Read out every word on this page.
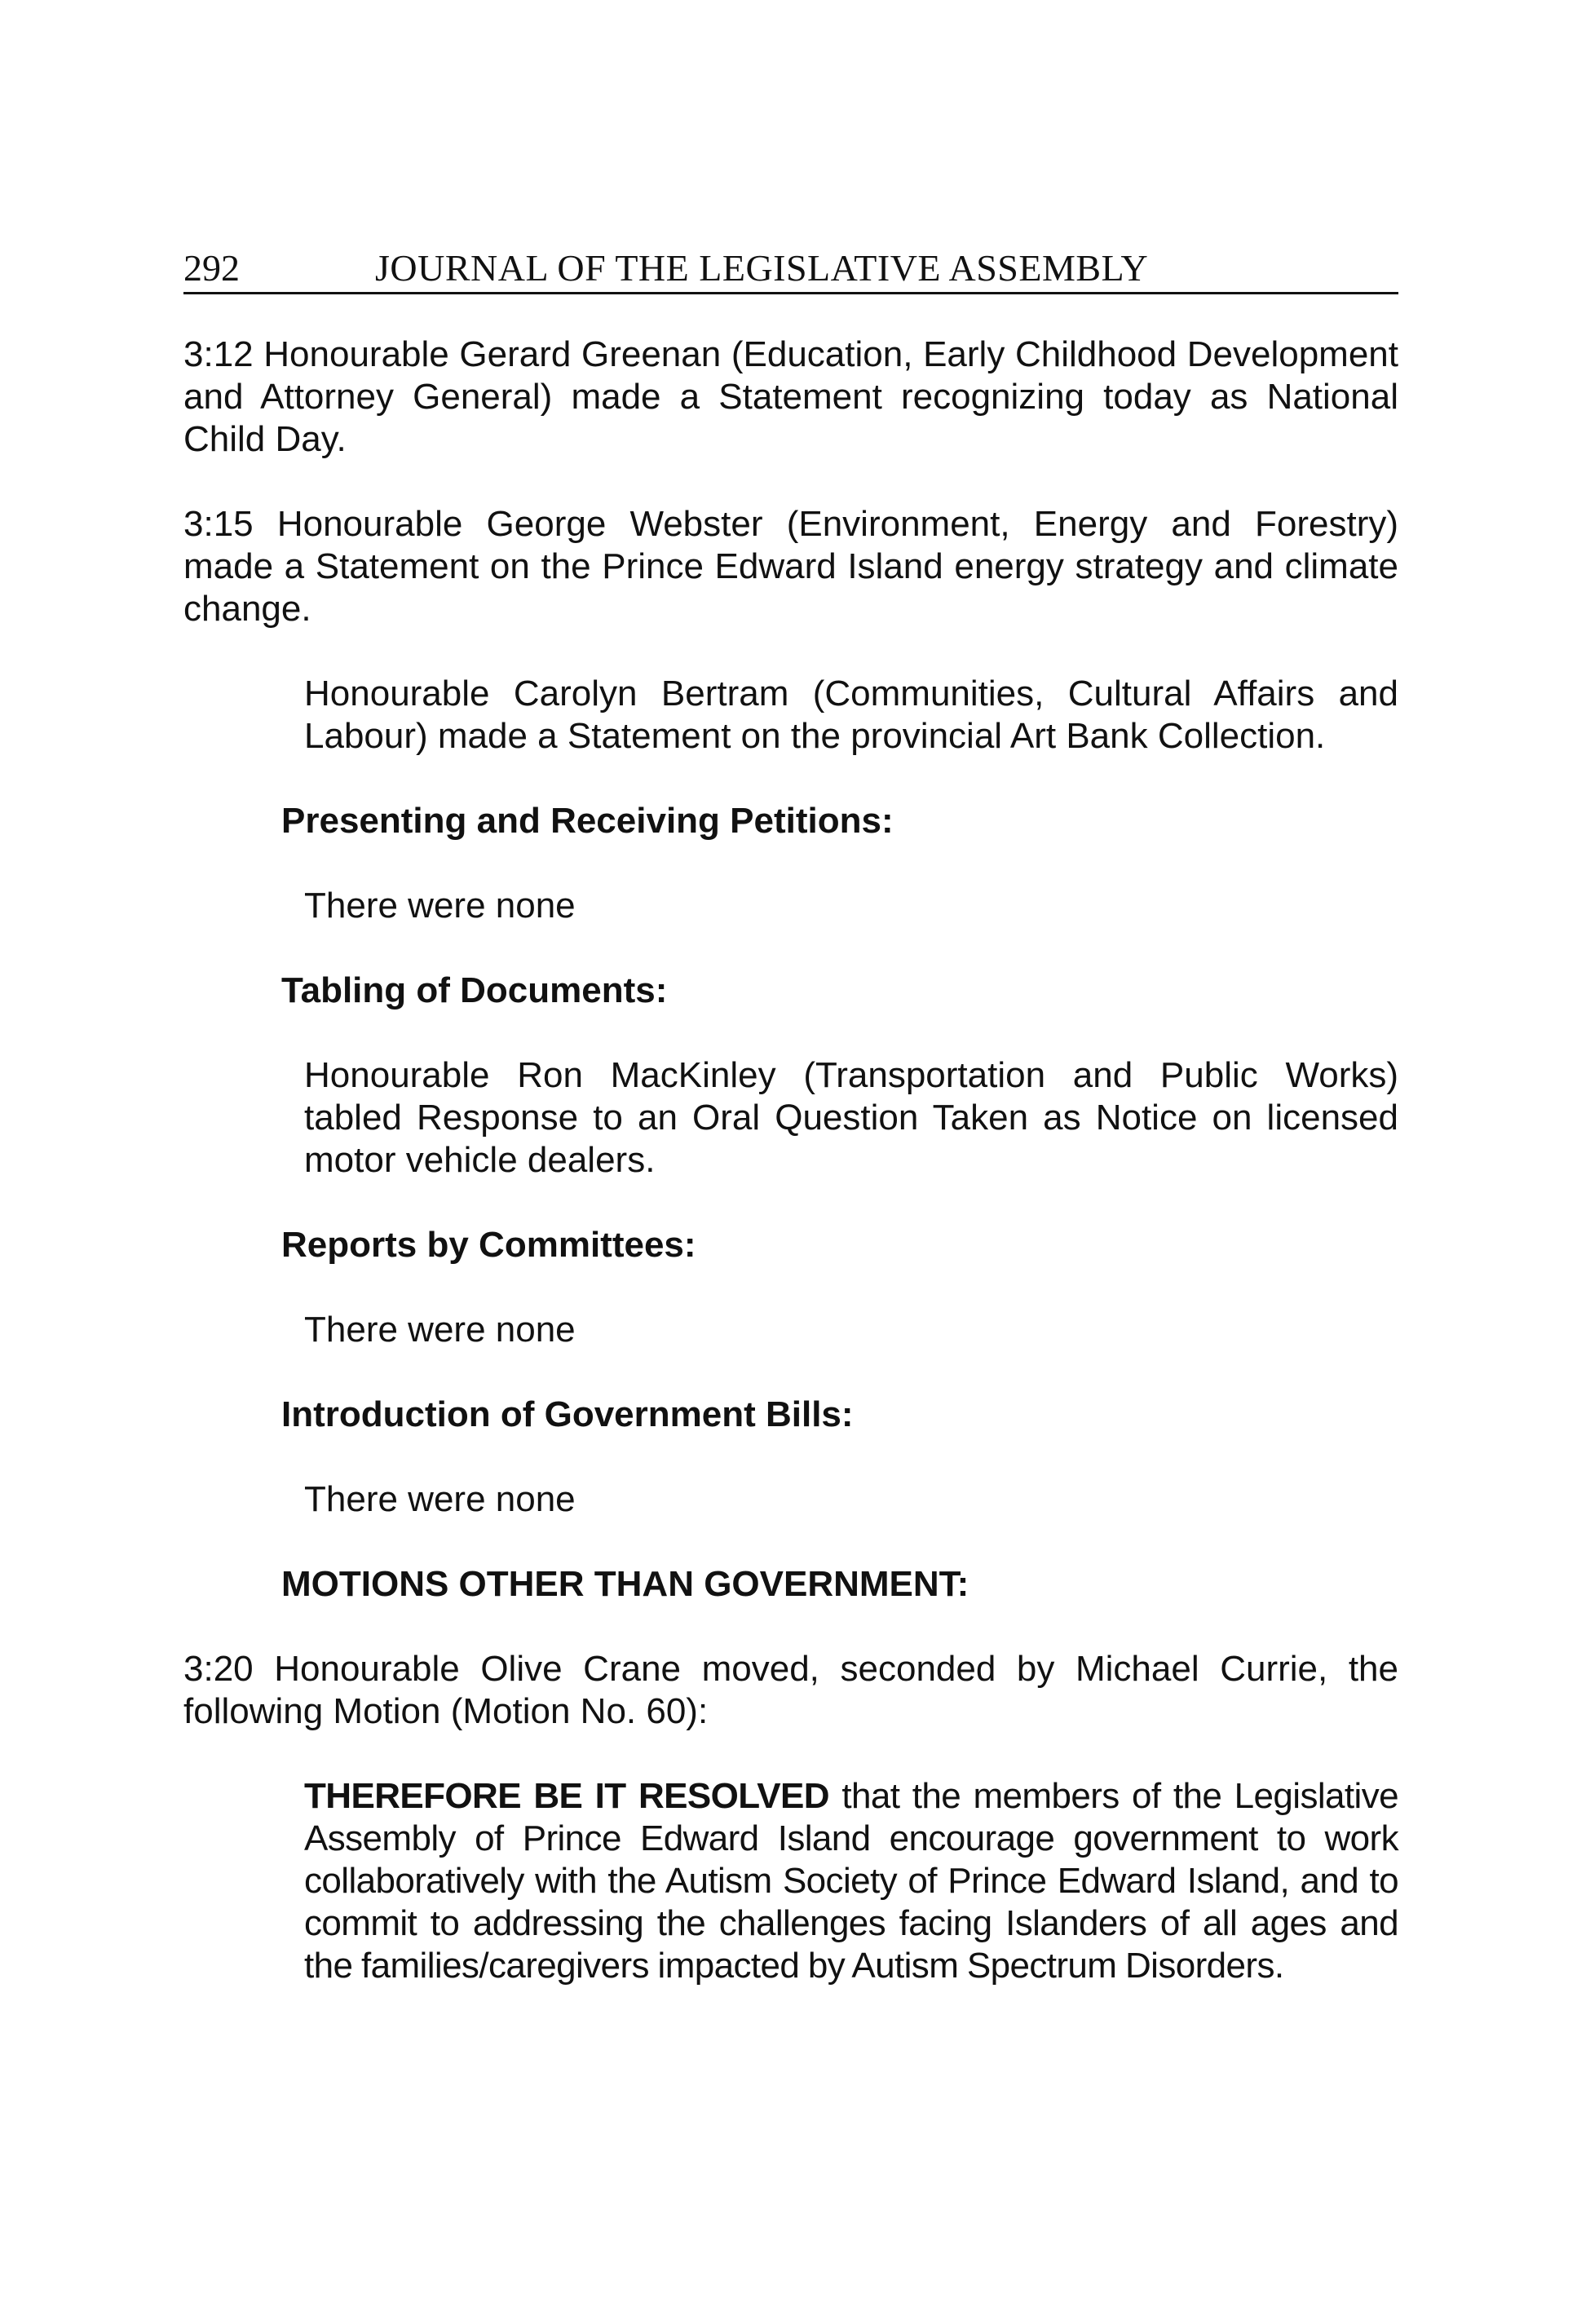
292	JOURNAL OF THE LEGISLATIVE ASSEMBLY

3:12 Honourable Gerard Greenan (Education, Early Childhood Development and Attorney General) made a Statement recognizing today as National Child Day.

3:15 Honourable George Webster (Environment, Energy and Forestry) made a Statement on the Prince Edward Island energy strategy and climate change.

Honourable Carolyn Bertram (Communities, Cultural Affairs and Labour) made a Statement on the provincial Art Bank Collection.

Presenting and Receiving Petitions:

There were none

Tabling of Documents:

Honourable Ron MacKinley (Transportation and Public Works) tabled Response to an Oral Question Taken as Notice on licensed motor vehicle dealers.

Reports by Committees:

There were none

Introduction of Government Bills:

There were none

MOTIONS OTHER THAN GOVERNMENT:

3:20 Honourable Olive Crane moved, seconded by Michael Currie, the following Motion (Motion No. 60):

THEREFORE BE IT RESOLVED that the members of the Legislative Assembly of Prince Edward Island encourage government to work collaboratively with the Autism Society of Prince Edward Island, and to commit to addressing the challenges facing Islanders of all ages and the families/caregivers impacted by Autism Spectrum Disorders.
